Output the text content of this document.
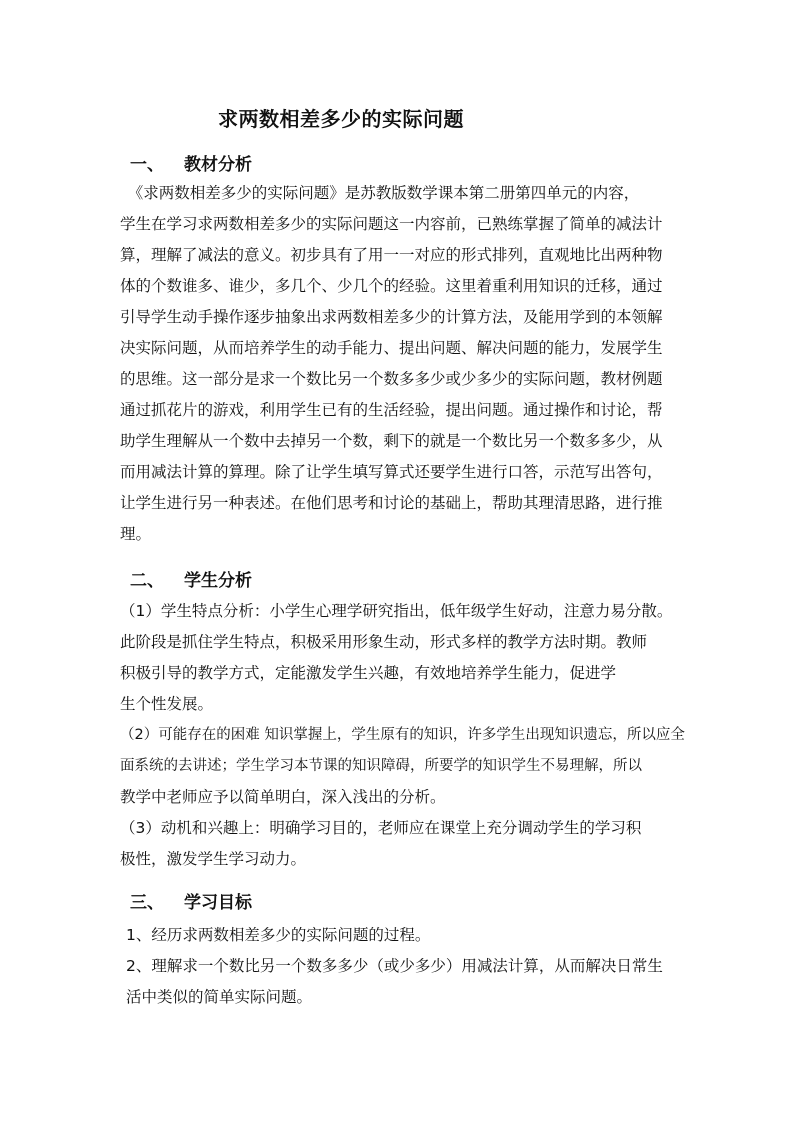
求两数相差多少的实际问题
一、 教材分析
　《求两数相差多少的实际问题》是苏教版数学课本第二册第四单元的内容，
学生在学习求两数相差多少的实际问题这一内容前，已熟练掌握了简单的减法计
算，理解了减法的意义。初步具有了用一一对应的形式排列，直观地比出两种物
体的个数谁多、谁少，多几个、少几个的经验。这里着重利用知识的迁移，通过
引导学生动手操作逐步抽象出求两数相差多少的计算方法，及能用学到的本领解
决实际问题，从而培养学生的动手能力、提出问题、解决问题的能力，发展学生
的思维。这一部分是求一个数比另一个数多多少或少多少的实际问题，教材例题
通过抓花片的游戏，利用学生已有的生活经验，提出问题。通过操作和讨论，帮
助学生理解从一个数中去掉另一个数，剩下的就是一个数比另一个数多多少，从
而用减法计算的算理。除了让学生填写算式还要学生进行口答，示范写出答句，
让学生进行另一种表述。在他们思考和讨论的基础上，帮助其理清思路，进行推
理。
二、 学生分析
（1）学生特点分析：小学生心理学研究指出，低年级学生好动，注意力易分散。
此阶段是抓住学生特点，积极采用形象生动，形式多样的教学方法时期。教师
积极引导的教学方式，定能激发学生兴趣，有效地培养学生能力，促进学
生个性发展。
（2）可能存在的困难 知识掌握上，学生原有的知识，许多学生出现知识遗忘，所以应全
面系统的去讲述；学生学习本节课的知识障碍，所要学的知识学生不易理解，所以
教学中老师应予以简单明白，深入浅出的分析。
（3）动机和兴趣上：明确学习目的，老师应在课堂上充分调动学生的学习积
极性，激发学生学习动力。
三、 学习目标
1、经历求两数相差多少的实际问题的过程。
2、理解求一个数比另一个数多多少（或少多少）用减法计算，从而解决日常生
活中类似的简单实际问题。
